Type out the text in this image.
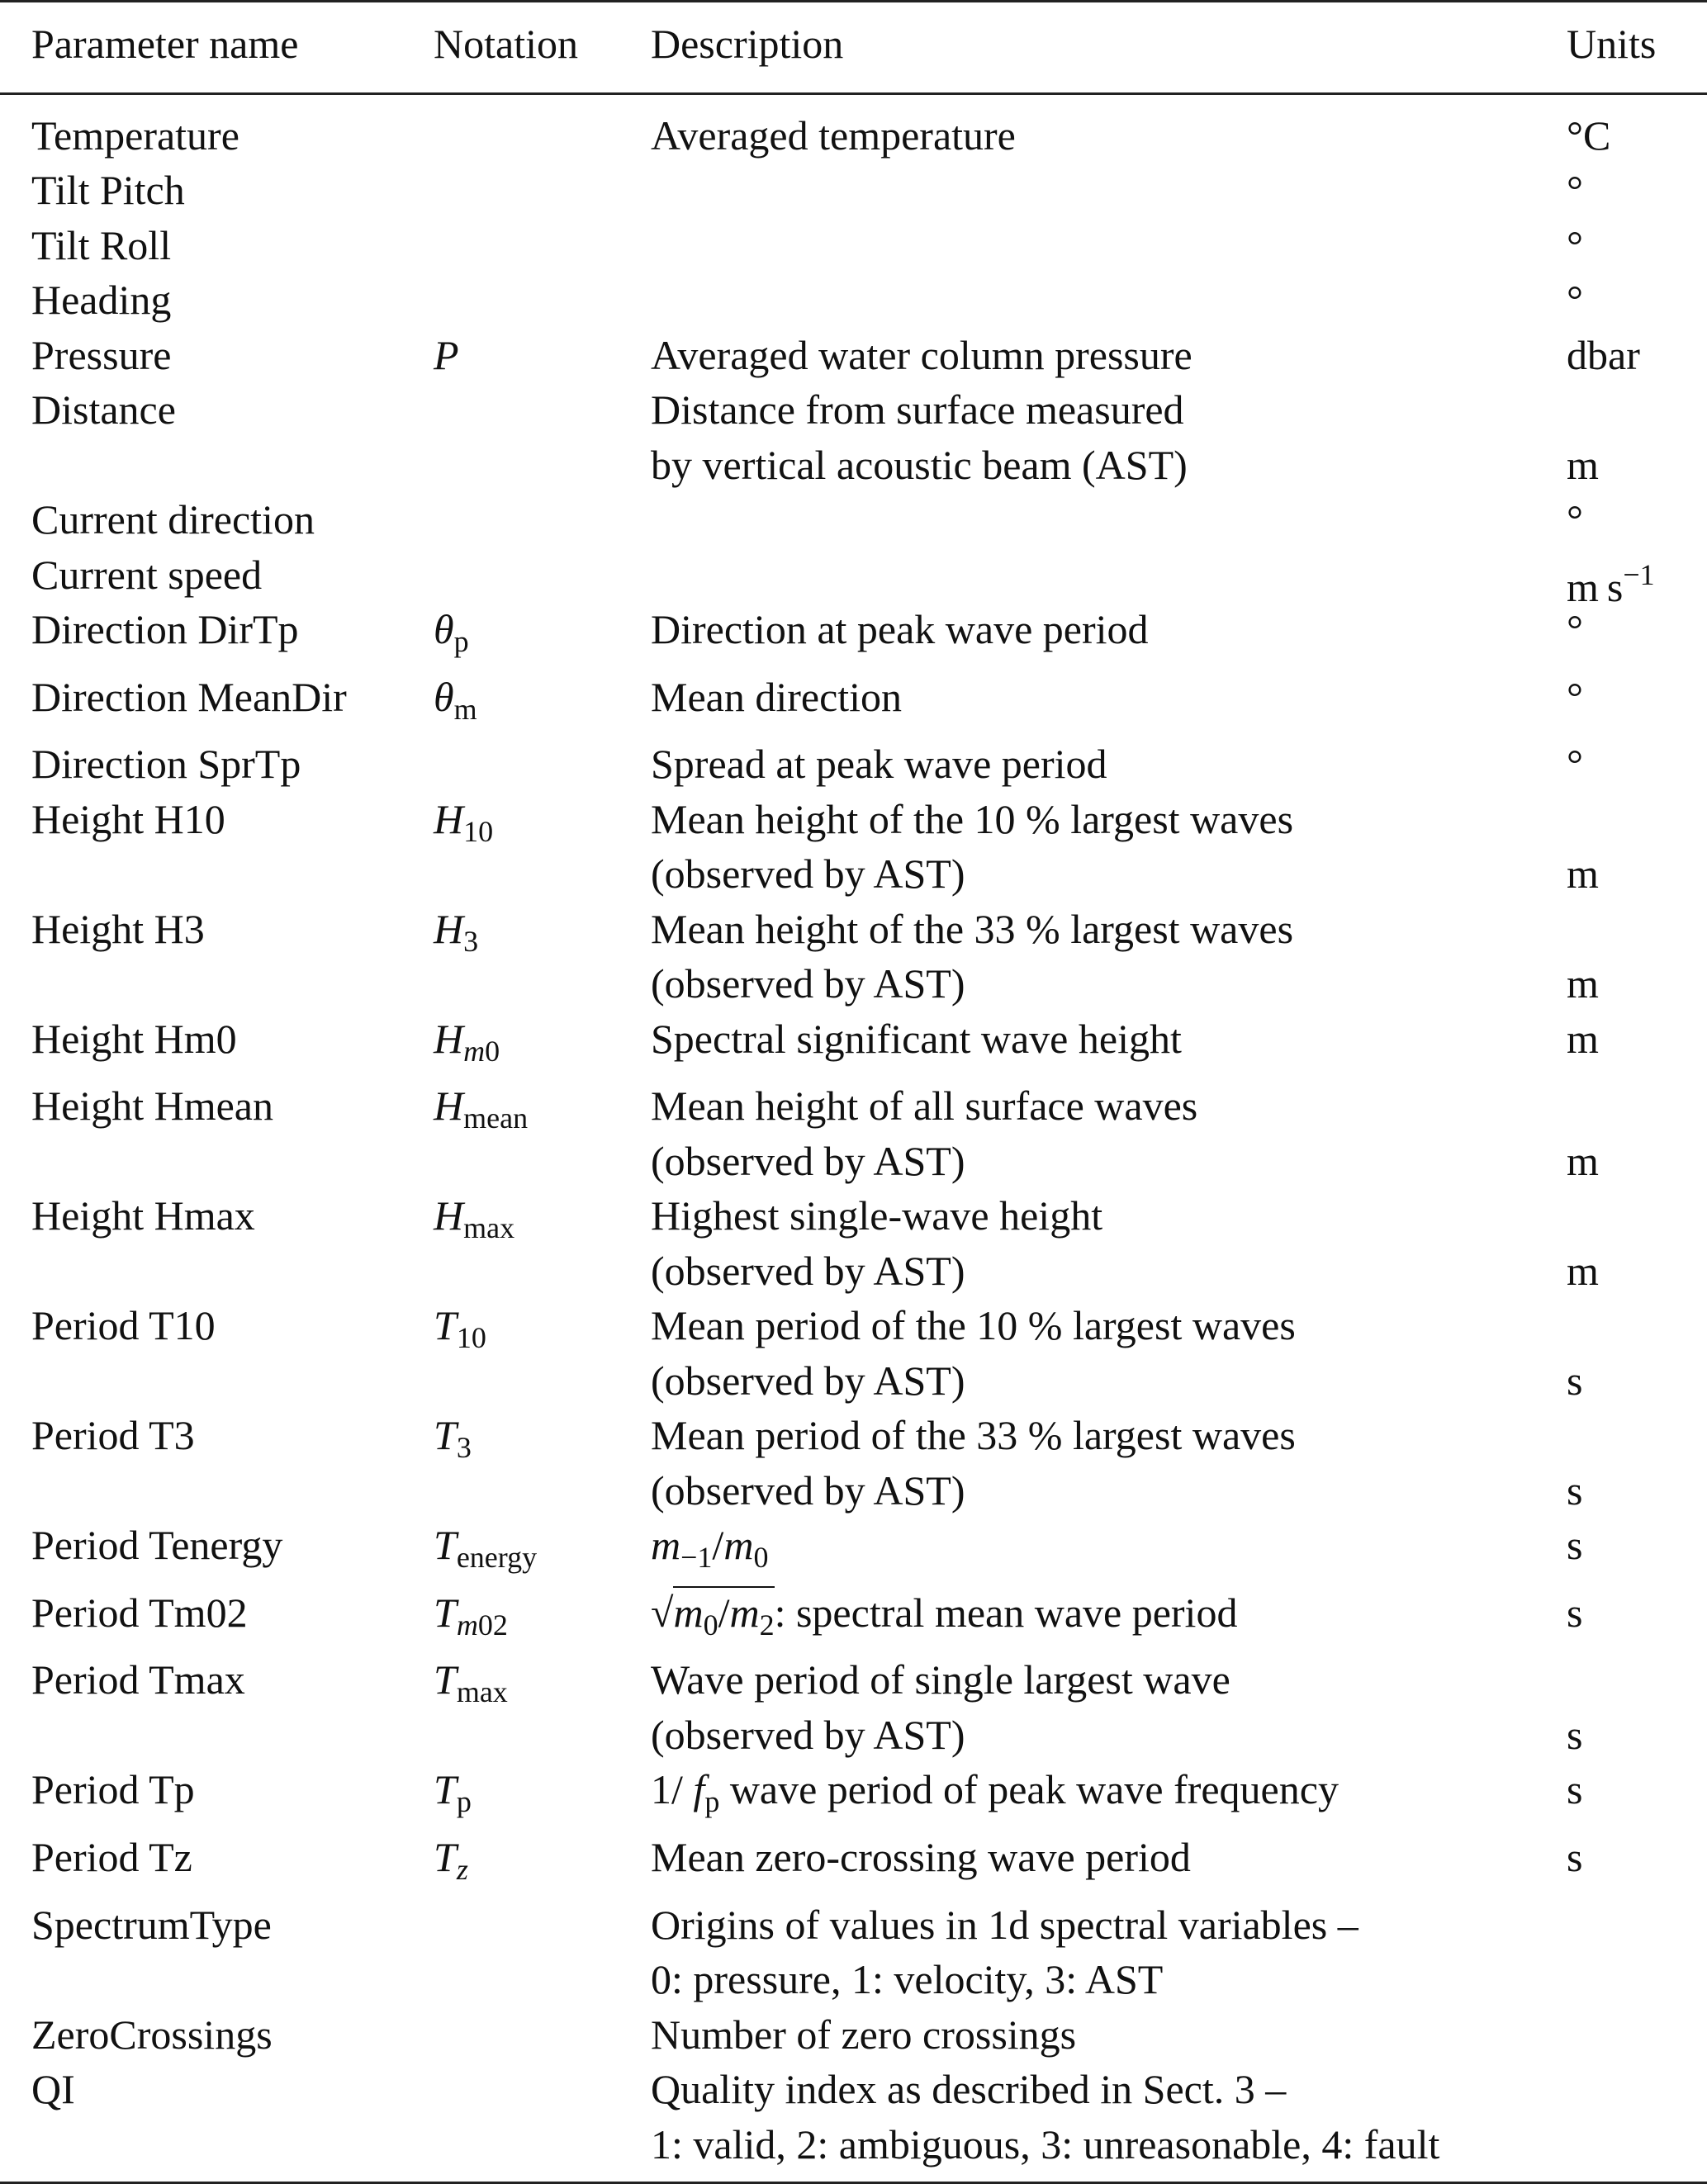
Parameter name	Notation	Description	Units
Temperature		Averaged temperature	°C

Tilt Pitch			°

Tilt Roll			°

Heading			°

Pressure	P	Averaged water column pressure	dbar

Distance		Distance from surface measured
by vertical acoustic beam (AST)	m

Current direction			°

Current speed			m $s^{-1}$

Direction DirTp	$\theta_p$	Direction at peak wave period	°

Direction MeanDir	$\theta_m$	Mean direction	°

Direction SprTp		Spread at peak wave period	°

Height H10	$H_{10}$	Mean height of the 10 % largest waves
(observed by AST)	m

Height H3	$H_3$	Mean height of the 33 % largest waves
(observed by AST)	m

Height Hm0	$H_{m0}$	Spectral significant wave height	m

Height Hmean	$H_{mean}$	Mean height of all surface waves
(observed by AST)	m

Height Hmax	$H_{max}$	Highest single-wave height
(observed by AST)	m

Period T10	$T_{10}$	Mean period of the 10 % largest waves
(observed by AST)	s

Period T3	$T_3$	Mean period of the 33 % largest waves
(observed by AST)	s

Period Tenergy	$T_{energy}$	$m_{-1}/m_0$	s

Period Tm02	$T_{m02}$	$√m_0/m_2$: spectral mean wave period	s

Period Tmax	$T_{max}$	Wave period of single largest wave
(observed by AST)	s

Period Tp	$T_p$	1/ $f_p$ wave period of peak wave frequency	s

Period Tz	$T_z$	Mean zero-crossing wave period	s

SpectrumType		Origins of values in 1d spectral variables –
0: pressure, 1: velocity, 3: AST	

ZeroCrossings		Number of zero crossings	

QI		Quality index as described in Sect. 3 –
1: valid, 2: ambiguous, 3: unreasonable, 4: fault	
